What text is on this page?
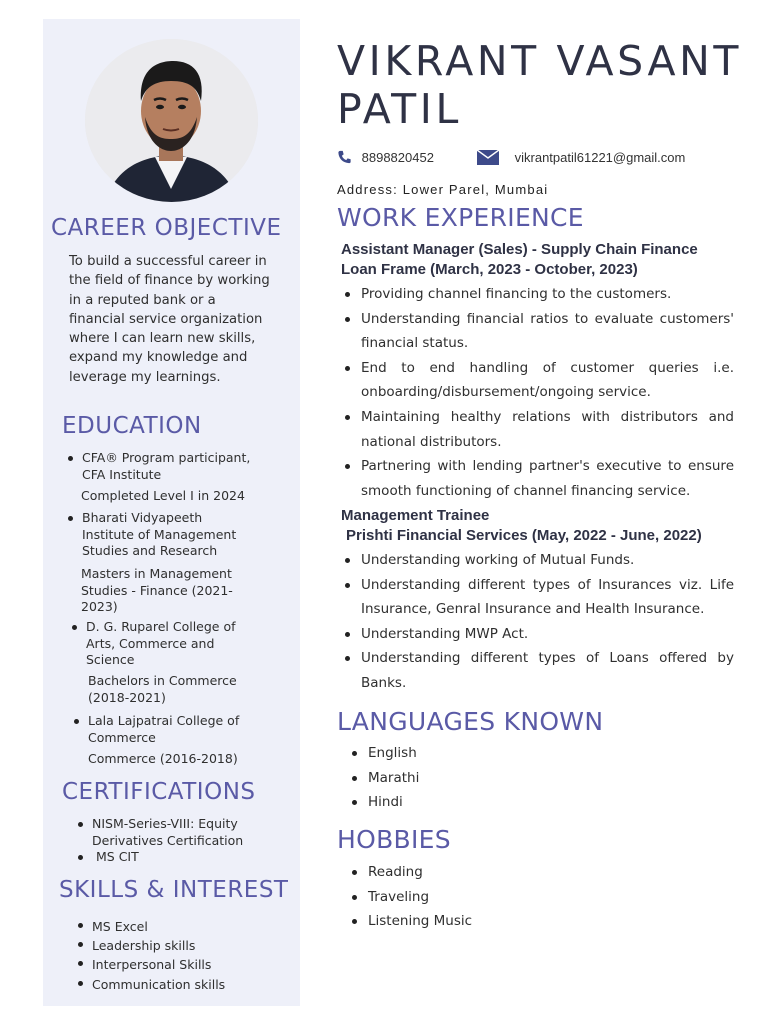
CAREER OBJECTIVE

To build a successful career in the field of finance by working in a reputed bank or a financial service organization where I can learn new skills, expand my knowledge and leverage my learnings.

EDUCATION
CFA® Program participant, CFA Institute

Completed Level I in 2024

Bharati Vidyapeeth Institute of Management Studies and Research

Masters in Management Studies - Finance (2021-2023)

D. G. Ruparel College of Arts, Commerce and Science

Bachelors in Commerce (2018-2021)

Lala Lajpatrai College of Commerce

Commerce (2016-2018)

CERTIFICATIONS
NISM-Series-VIII: Equity Derivatives Certification
MS CIT
SKILLS & INTEREST
MS Excel
Leadership skills
Interpersonal Skills
Communication skills
VIKRANT VASANT
PATIL
8898820452	vikrantpatil61221@gmail.com

Address: Lower Parel, Mumbai

WORK EXPERIENCE

Assistant Manager (Sales) - Supply Chain Finance

Loan Frame (March, 2023 - October, 2023)

Providing channel financing to the customers.
Understanding financial ratios to evaluate customers' financial status.
End to end handling of customer queries i.e. onboarding/disbursement/ongoing service.
Maintaining healthy relations with distributors and national distributors.
Partnering with lending partner's executive to ensure smooth functioning of channel financing service.

Management Trainee

Prishti Financial Services (May, 2022 - June, 2022)

Understanding working of Mutual Funds.
Understanding different types of Insurances viz. Life Insurance, Genral Insurance and Health Insurance.
Understanding MWP Act.
Understanding different types of Loans offered by Banks.
LANGUAGES KNOWN
English
Marathi
Hindi
HOBBIES
Reading
Traveling
Listening Music
